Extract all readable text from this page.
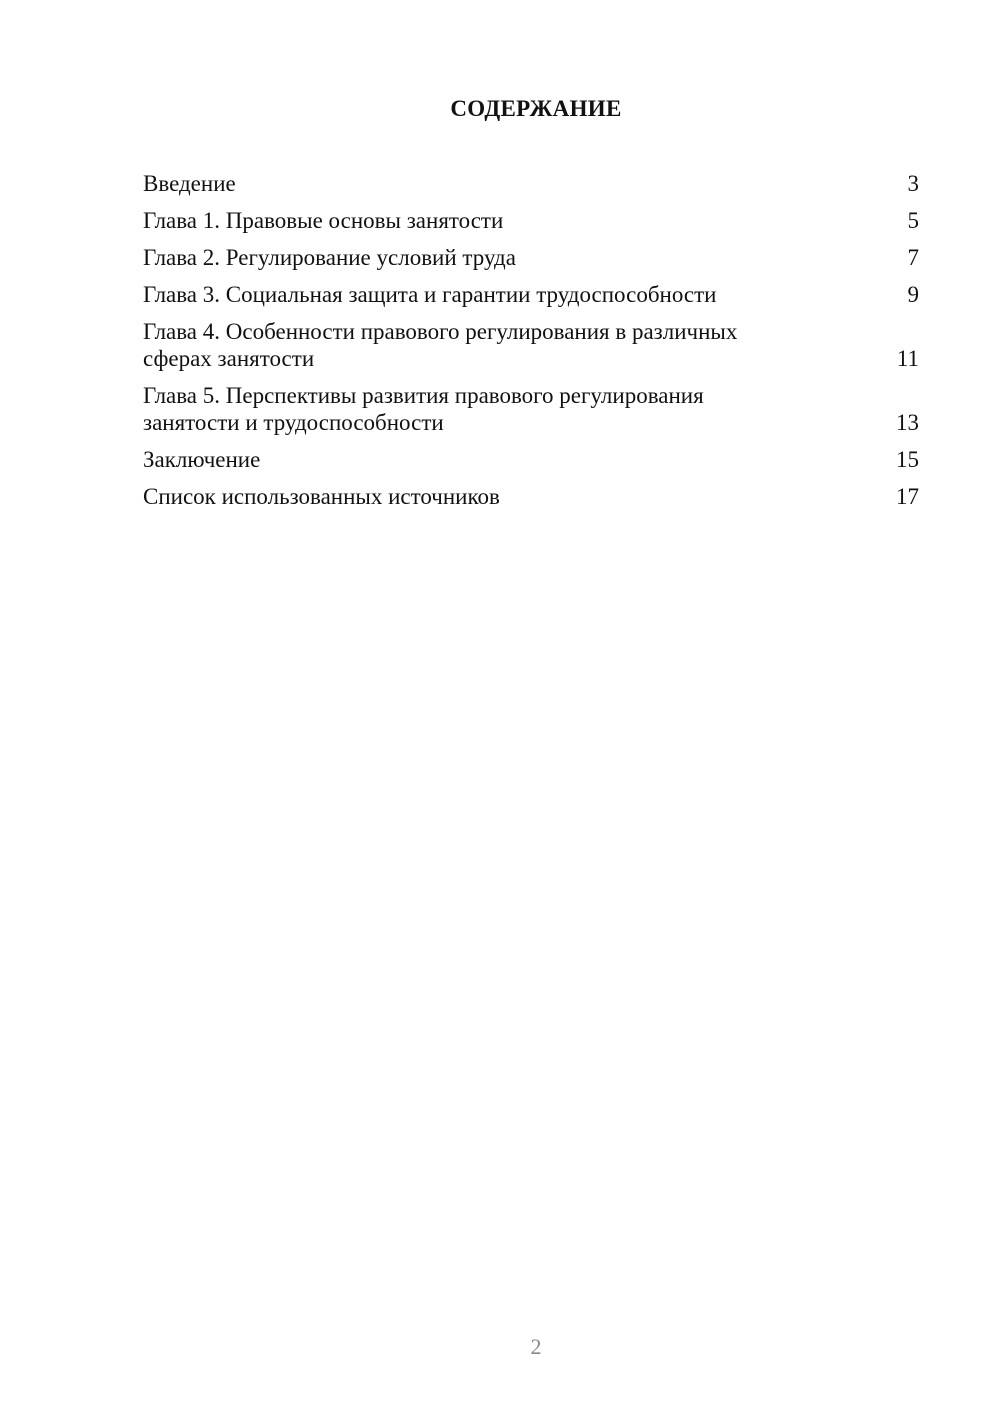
СОДЕРЖАНИЕ
Введение	3
Глава 1. Правовые основы занятости	5
Глава 2. Регулирование условий труда	7
Глава 3. Социальная защита и гарантии трудоспособности	9
Глава 4. Особенности правового регулирования в различных сферах занятости	11
Глава 5. Перспективы развития правового регулирования занятости и трудоспособности	13
Заключение	15
Список использованных источников	17
2
